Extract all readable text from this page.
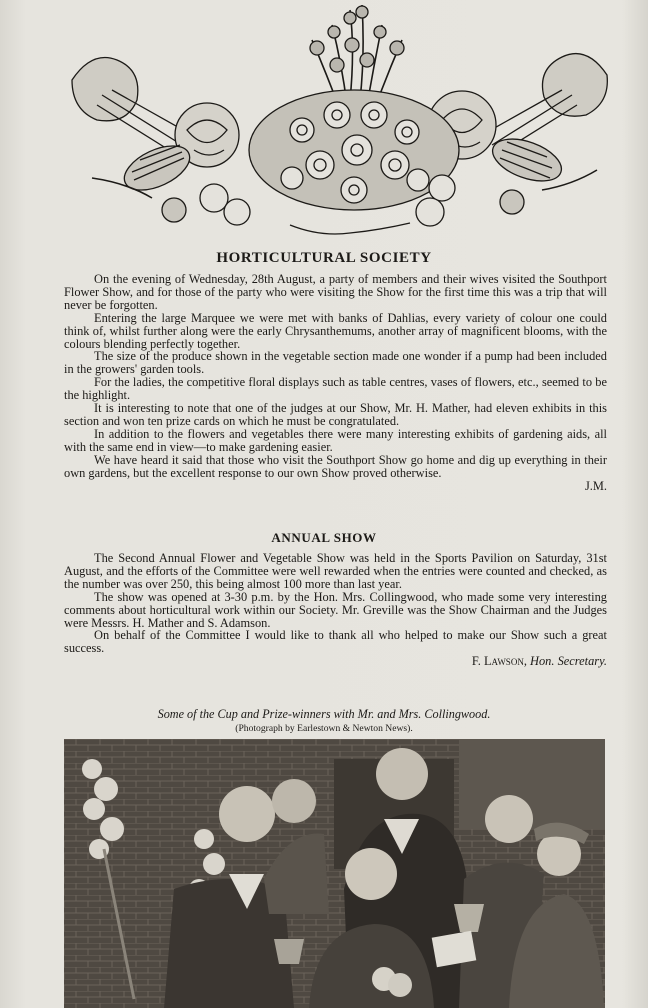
HORTICULTURAL SOCIETY

On the evening of Wednesday, 28th August, a party of members and their wives visited the Southport Flower Show, and for those of the party who were visiting the Show for the first time this was a trip that will never be forgotten.

Entering the large Marquee we were met with banks of Dahlias, every variety of colour one could think of, whilst further along were the early Chrysanthemums, another array of magnificent blooms, with the colours blending perfectly together.

The size of the produce shown in the vegetable section made one wonder if a pump had been included in the growers' garden tools.

For the ladies, the competitive floral displays such as table centres, vases of flowers, etc., seemed to be the highlight.

It is interesting to note that one of the judges at our Show, Mr. H. Mather, had eleven exhibits in this section and won ten prize cards on which he must be congratulated.

In addition to the flowers and vegetables there were many interesting exhibits of gardening aids, all with the same end in view—to make gardening easier.

We have heard it said that those who visit the Southport Show go home and dig up everything in their own gardens, but the excellent response to our own Show proved otherwise.

J.M.
ANNUAL SHOW

The Second Annual Flower and Vegetable Show was held in the Sports Pavilion on Saturday, 31st August, and the efforts of the Committee were well rewarded when the entries were counted and checked, as the number was over 250, this being almost 100 more than last year.

The show was opened at 3-30 p.m. by the Hon. Mrs. Collingwood, who made some very interesting comments about horticultural work within our Society. Mr. Greville was the Show Chairman and the Judges were Messrs. H. Mather and S. Adamson.

On behalf of the Committee I would like to thank all who helped to make our Show such a great success.

F. Lawson, Hon. Secretary.

Some of the Cup and Prize-winners with Mr. and Mrs. Collingwood.

(Photograph by Earlestown & Newton News).
